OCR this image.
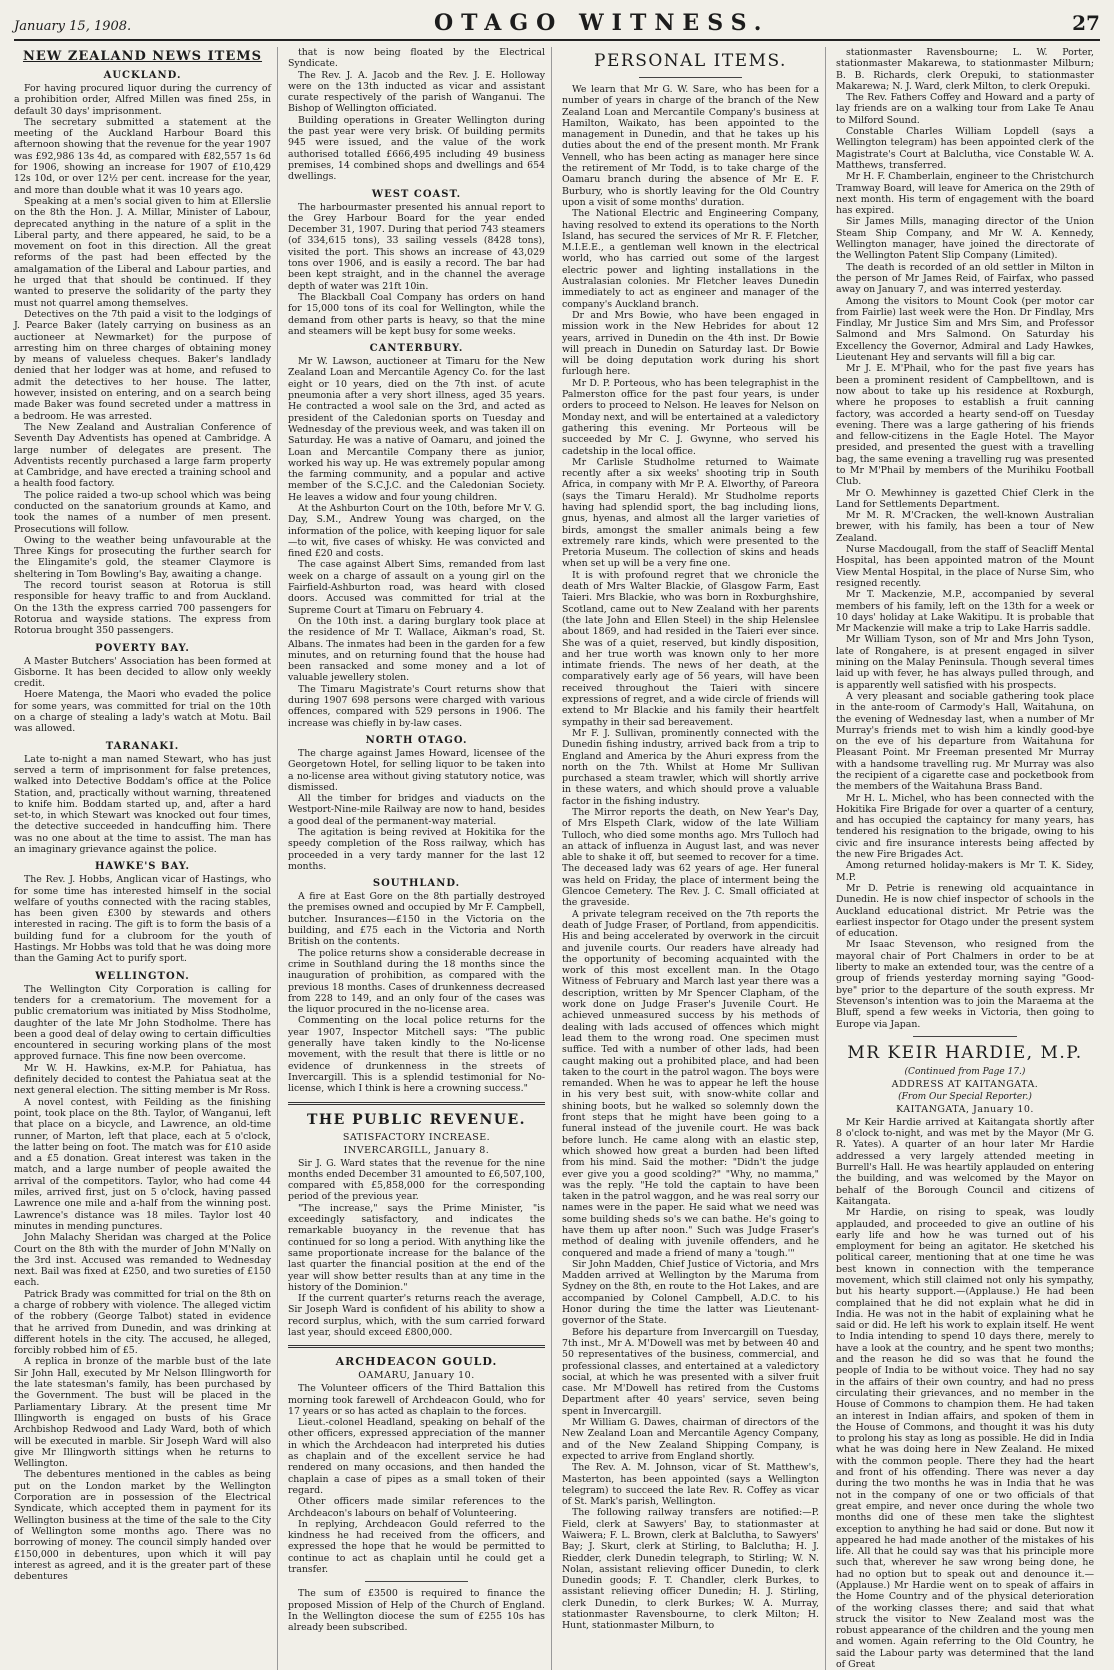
January 15, 1908.	OTAGO WITNESS.	27
NEW ZEALAND NEWS ITEMS
AUCKLAND.

For having procured liquor during the currency of a prohibition order, Alfred Millen was fined 25s, in default 30 days' imprisonment.

The secretary submitted a statement at the meeting of the Auckland Harbour Board this afternoon showing that the revenue for the year 1907 was £92,986 13s 4d, as compared with £82,557 1s 6d for 1906, showing an increase for 1907 of £10,429 12s 10d, or over 12½ per cent. increase for the year, and more than double what it was 10 years ago.

Speaking at a men's social given to him at Ellerslie on the 8th the Hon. J. A. Millar, Minister of Labour, deprecated anything in the nature of a split in the Liberal party, and there appeared, he said, to be a movement on foot in this direction. All the great reforms of the past had been effected by the amalgamation of the Liberal and Labour parties, and he urged that that should be continued. If they wanted to preserve the solidarity of the party they must not quarrel among themselves.

Detectives on the 7th paid a visit to the lodgings of J. Pearce Baker (lately carrying on business as an auctioneer at Newmarket) for the purpose of arresting him on three charges of obtaining money by means of valueless cheques. Baker's landlady denied that her lodger was at home, and refused to admit the detectives to her house. The latter, however, insisted on entering, and on a search being made Baker was found secreted under a mattress in a bedroom. He was arrested.

The New Zealand and Australian Conference of Seventh Day Adventists has opened at Cambridge. A large number of delegates are present. The Adventists recently purchased a large farm property at Cambridge, and have erected a training school and a health food factory.

The police raided a two-up school which was being conducted on the sanatorium grounds at Kamo, and took the names of a number of men present. Prosecutions will follow.

Owing to the weather being unfavourable at the Three Kings for prosecuting the further search for the Elingamite's gold, the steamer Claymore is sheltering in Tom Bowling's Bay, awaiting a change.

The record tourist season at Rotorua is still responsible for heavy traffic to and from Auckland. On the 13th the express carried 700 passengers for Rotorua and wayside stations. The express from Rotorua brought 350 passengers.

POVERTY BAY.

A Master Butchers' Association has been formed at Gisborne. It has been decided to allow only weekly credit.

Hoere Matenga, the Maori who evaded the police for some years, was committed for trial on the 10th on a charge of stealing a lady's watch at Motu. Bail was allowed.

TARANAKI.

Late to-night a man named Stewart, who has just served a term of imprisonment for false pretences, walked into Detective Boddam's office at the Police Station, and, practically without warning, threatened to knife him. Boddam started up, and, after a hard set-to, in which Stewart was knocked out four times, the detective succeeded in handcuffing him. There was no one about at the time to assist. The man has an imaginary grievance against the police.

HAWKE'S BAY.

The Rev. J. Hobbs, Anglican vicar of Hastings, who for some time has interested himself in the social welfare of youths connected with the racing stables, has been given £300 by stewards and others interested in racing. The gift is to form the basis of a building fund for a clubroom for the youth of Hastings. Mr Hobbs was told that he was doing more than the Gaming Act to purify sport.

WELLINGTON.

The Wellington City Corporation is calling for tenders for a crematorium. The movement for a public crematorium was initiated by Miss Stodholme, daughter of the late Mr John Stodholme. There has been a good deal of delay owing to certain difficulties encountered in securing working plans of the most approved furnace. This fine now been overcome.

Mr W. H. Hawkins, ex-M.P. for Pahiatua, has definitely decided to contest the Pahiatua seat at the next general election. The sitting member is Mr Ross.

A novel contest, with Feilding as the finishing point, took place on the 8th. Taylor, of Wanganui, left that place on a bicycle, and Lawrence, an old-time runner, of Marton, left that place, each at 5 o'clock, the latter being on foot. The match was for £10 aside and a £5 donation. Great interest was taken in the match, and a large number of people awaited the arrival of the competitors. Taylor, who had come 44 miles, arrived first, just on 5 o'clock, having passed Lawrence one mile and a-half from the winning post. Lawrence's distance was 18 miles. Taylor lost 40 minutes in mending punctures.

John Malachy Sheridan was charged at the Police Court on the 8th with the murder of John M'Nally on the 3rd inst. Accused was remanded to Wednesday next. Bail was fixed at £250, and two sureties of £150 each.

Patrick Brady was committed for trial on the 8th on a charge of robbery with violence. The alleged victim of the robbery (George Talbot) stated in evidence that he arrived from Dunedin, and was drinking at different hotels in the city. The accused, he alleged, forcibly robbed him of £5.

A replica in bronze of the marble bust of the late Sir John Hall, executed by Mr Nelson Illingworth for the late statesman's family, has been purchased by the Government. The bust will be placed in the Parliamentary Library. At the present time Mr Illingworth is engaged on busts of his Grace Archbishop Redwood and Lady Ward, both of which will be executed in marble. Sir Joseph Ward will also give Mr Illingworth sittings when he returns to Wellington.

The debentures mentioned in the cables as being put on the London market by the Wellington Corporation are in possession of the Electrical Syndicate, which accepted them in payment for its Wellington business at the time of the sale to the City of Wellington some months ago. There was no borrowing of money. The council simply handed over £150,000 in debentures, upon which it will pay interest as agreed, and it is the greater part of these debentures

that is now being floated by the Electrical Syndicate.

The Rev. J. A. Jacob and the Rev. J. E. Holloway were on the 13th inducted as vicar and assistant curate respectively of the parish of Wanganui. The Bishop of Wellington officiated.

Building operations in Greater Wellington during the past year were very brisk. Of building permits 945 were issued, and the value of the work authorised totalled £666,495 including 49 business premises, 14 combined shops and dwellings and 654 dwellings.

WEST COAST.

The harbourmaster presented his annual report to the Grey Harbour Board for the year ended December 31, 1907. During that period 743 steamers (of 334,615 tons), 33 sailing vessels (8428 tons), visited the port. This shows an increase of 43,029 tons over 1906, and is easily a record. The bar had been kept straight, and in the channel the average depth of water was 21ft 10in.

The Blackball Coal Company has orders on hand for 15,000 tons of its coal for Wellington, while the demand from other parts is heavy, so that the mine and steamers will be kept busy for some weeks.

CANTERBURY.

Mr W. Lawson, auctioneer at Timaru for the New Zealand Loan and Mercantile Agency Co. for the last eight or 10 years, died on the 7th inst. of acute pneumonia after a very short illness, aged 35 years. He contracted a wool sale on the 3rd, and acted as president of the Caledonian sports on Tuesday and Wednesday of the previous week, and was taken ill on Saturday. He was a native of Oamaru, and joined the Loan and Mercantile Company there as junior, worked his way up. He was extremely popular among the farming community, and a popular and active member of the S.C.J.C. and the Caledonian Society. He leaves a widow and four young children.

At the Ashburton Court on the 10th, before Mr V. G. Day, S.M., Andrew Young was charged, on the information of the police, with keeping liquor for sale—to wit, five cases of whisky. He was convicted and fined £20 and costs.

The case against Albert Sims, remanded from last week on a charge of assault on a young girl on the Fairfield-Ashburton road, was heard with closed doors. Accused was committed for trial at the Supreme Court at Timaru on February 4.

On the 10th inst. a daring burglary took place at the residence of Mr T. Wallace, Aikman's road, St. Albans. The inmates had been in the garden for a few minutes, and on returning found that the house had been ransacked and some money and a lot of valuable jewellery stolen.

The Timaru Magistrate's Court returns show that during 1907 698 persons were charged with various offences, compared with 529 persons in 1906. The increase was chiefly in by-law cases.

NORTH OTAGO.

The charge against James Howard, licensee of the Georgetown Hotel, for selling liquor to be taken into a no-license area without giving statutory notice, was dismissed.

All the timber for bridges and viaducts on the Westport-Nine-mile Railway are now to hand, besides a good deal of the permanent-way material.

The agitation is being revived at Hokitika for the speedy completion of the Ross railway, which has proceeded in a very tardy manner for the last 12 months.

SOUTHLAND.

A fire at East Gore on the 8th partially destroyed the premises owned and occupied by Mr F. Campbell, butcher. Insurances—£150 in the Victoria on the building, and £75 each in the Victoria and North British on the contents.

The police returns show a considerable decrease in crime in Southland during the 18 months since the inauguration of prohibition, as compared with the previous 18 months. Cases of drunkenness decreased from 228 to 149, and an only four of the cases was the liquor procured in the no-license area.

Commenting on the local police returns for the year 1907, Inspector Mitchell says: "The public generally have taken kindly to the No-license movement, with the result that there is little or no evidence of drunkenness in the streets of Invercargill. This is a splendid testimonial for No-license, which I think is here a crowning success."

THE PUBLIC REVENUE.
SATISFACTORY INCREASE.
INVERCARGILL, January 8.

Sir J. G. Ward states that the revenue for the nine months ended December 31 amounted to £6,507,100, compared with £5,858,000 for the corresponding period of the previous year.

"The increase," says the Prime Minister, "is exceedingly satisfactory, and indicates the remarkable buoyancy in the revenue that has continued for so long a period. With anything like the same proportionate increase for the balance of the last quarter the financial position at the end of the year will show better results than at any time in the history of the Dominion."

If the current quarter's returns reach the average, Sir Joseph Ward is confident of his ability to show a record surplus, which, with the sum carried forward last year, should exceed £800,000.

ARCHDEACON GOULD.
OAMARU, January 10.

The Volunteer officers of the Third Battalion this morning took farewell of Archdeacon Gould, who for 17 years or so has acted as chaplain to the forces.

Lieut.-colonel Headland, speaking on behalf of the other officers, expressed appreciation of the manner in which the Archdeacon had interpreted his duties as chaplain and of the excellent service he had rendered on many occasions, and then handed the chaplain a case of pipes as a small token of their regard.

Other officers made similar references to the Archdeacon's labours on behalf of Volunteering.

In replying, Archdeacon Gould referred to the kindness he had received from the officers, and expressed the hope that he would be permitted to continue to act as chaplain until he could get a transfer.

The sum of £3500 is required to finance the proposed Mission of Help of the Church of England. In the Wellington diocese the sum of £255 10s has already been subscribed.

PERSONAL ITEMS.

We learn that Mr G. W. Sare, who has been for a number of years in charge of the branch of the New Zealand Loan and Mercantile Company's business at Hamilton, Waikato, has been appointed to the management in Dunedin, and that he takes up his duties about the end of the present month. Mr Frank Vennell, who has been acting as manager here since the retirement of Mr Todd, is to take charge of the Oamaru branch during the absence of Mr E. F. Burbury, who is shortly leaving for the Old Country upon a visit of some months' duration.

The National Electric and Engineering Company, having resolved to extend its operations to the North Island, has secured the services of Mr R. F. Fletcher, M.I.E.E., a gentleman well known in the electrical world, who has carried out some of the largest electric power and lighting installations in the Australasian colonies. Mr Fletcher leaves Dunedin immediately to act as engineer and manager of the company's Auckland branch.

Dr and Mrs Bowie, who have been engaged in mission work in the New Hebrides for about 12 years, arrived in Dunedin on the 4th inst. Dr Bowie will preach in Dunedin on Saturday last. Dr Bowie will be doing deputation work during his short furlough here.

Mr D. P. Porteous, who has been telegraphist in the Palmerston office for the past four years, is under orders to proceed to Nelson. He leaves for Nelson on Monday next, and will be entertained at a valedictory gathering this evening. Mr Porteous will be succeeded by Mr C. J. Gwynne, who served his cadetship in the local office.

Mr Carlisle Studholme returned to Waimate recently after a six weeks' shooting trip in South Africa, in company with Mr P. A. Elworthy, of Pareora (says the Timaru Herald). Mr Studholme reports having had splendid sport, the bag including lions, gnus, hyenas, and almost all the larger varieties of birds, amongst the smaller animals being a few extremely rare kinds, which were presented to the Pretoria Museum. The collection of skins and heads when set up will be a very fine one.

It is with profound regret that we chronicle the death of Mrs Walter Blackie, of Glasgow Farm, East Taieri. Mrs Blackie, who was born in Roxburghshire, Scotland, came out to New Zealand with her parents (the late John and Ellen Steel) in the ship Helenslee about 1869, and had resided in the Taieri ever since. She was of a quiet, reserved, but kindly disposition, and her true worth was known only to her more intimate friends. The news of her death, at the comparatively early age of 56 years, will have been received throughout the Taieri with sincere expressions of regret, and a wide circle of friends will extend to Mr Blackie and his family their heartfelt sympathy in their sad bereavement.

Mr F. J. Sullivan, prominently connected with the Dunedin fishing industry, arrived back from a trip to England and America by the Ahuri express from the north on the 7th. Whilst at Home Mr Sullivan purchased a steam trawler, which will shortly arrive in these waters, and which should prove a valuable factor in the fishing industry.

The Mirror reports the death, on New Year's Day, of Mrs Elspeth Clark, widow of the late William Tulloch, who died some months ago. Mrs Tulloch had an attack of influenza in August last, and was never able to shake it off, but seemed to recover for a time. The deceased lady was 62 years of age. Her funeral was held on Friday, the place of interment being the Glencoe Cemetery. The Rev. J. C. Small officiated at the graveside.

A private telegram received on the 7th reports the death of Judge Fraser, of Portland, from appendicitis. His and being accelerated by overwork in the circuit and juvenile courts. Our readers have already had the opportunity of becoming acquainted with the work of this most excellent man. In the Otago Witness of February and March last year there was a description, written by Mr Spencer Clapham, of the work done on Judge Fraser's Juvenile Court. He achieved unmeasured success by his methods of dealing with lads accused of offences which might lead them to the wrong road. One specimen must suffice. Ted with a number of other lads, had been caught making out a prohibited place, and had been taken to the court in the patrol wagon. The boys were remanded. When he was to appear he left the house in his very best suit, with snow-white collar and shining boots, but he walked so solemnly down the front steps that he might have been going to a funeral instead of the juvenile court. He was back before lunch. He came along with an elastic step, which showed how great a burden had been lifted from his mind. Said the mother: "Didn't the judge ever give you a good scolding?" "Why, no mamma," was the reply. "He told the captain to have been taken in the patrol waggon, and he was real sorry our names were in the paper. He said what we need was some building sheds so's we can bathe. He's going to have them up after noon." Such was Judge Fraser's method of dealing with juvenile offenders, and he conquered and made a friend of many a 'tough.'"

Sir John Madden, Chief Justice of Victoria, and Mrs Madden arrived at Wellington by the Maruma from Sydney on the 8th, en route to the Hot Lakes, and are accompanied by Colonel Campbell, A.D.C. to his Honor during the time the latter was Lieutenant-governor of the State.

Before his departure from Invercargill on Tuesday, 7th inst., Mr A. M'Dowell was met by between 40 and 50 representatives of the business, commercial, and professional classes, and entertained at a valedictory social, at which he was presented with a silver fruit case. Mr M'Dowell has retired from the Customs Department after 40 years' service, seven being spent in Invercargill.

Mr William G. Dawes, chairman of directors of the New Zealand Loan and Mercantile Agency Company, and of the New Zealand Shipping Company, is expected to arrive from England shortly.

The Rev. A. M. Johnson, vicar of St. Matthew's, Masterton, has been appointed (says a Wellington telegram) to succeed the late Rev. R. Coffey as vicar of St. Mark's parish, Wellington.

The following railway transfers are notified:—P. Field, clerk at Sawyers' Bay, to stationmaster at Waiwera; F. L. Brown, clerk at Balclutha, to Sawyers' Bay; J. Skurt, clerk at Stirling, to Balclutha; H. J. Riedder, clerk Dunedin telegraph, to Stirling; W. N. Nolan, assistant relieving officer Dunedin, to clerk Dunedin goods; F. T. Chandler, clerk Burkes, to assistant relieving officer Dunedin; H. J. Stirling, clerk Dunedin, to clerk Burkes; W. A. Murray, stationmaster Ravensbourne, to clerk Milton; H. Hunt, stationmaster Milburn, to

stationmaster Ravensbourne; L. W. Porter, stationmaster Makarewa, to stationmaster Milburn; B. B. Richards, clerk Orepuki, to stationmaster Makarewa; N. J. Ward, clerk Milton, to clerk Orepuki.

The Rev. Fathers Coffey and Howard and a party of lay friends are on a walking tour from Lake Te Anau to Milford Sound.

Constable Charles William Lopdell (says a Wellington telegram) has been appointed clerk of the Magistrate's Court at Balclutha, vice Constable W. A. Matthews, transferred.

Mr H. F. Chamberlain, engineer to the Christchurch Tramway Board, will leave for America on the 29th of next month. His term of engagement with the board has expired.

Sir James Mills, managing director of the Union Steam Ship Company, and Mr W. A. Kennedy, Wellington manager, have joined the directorate of the Wellington Patent Slip Company (Limited).

The death is recorded of an old settler in Milton in the person of Mr James Reid, of Fairfax, who passed away on January 7, and was interred yesterday.

Among the visitors to Mount Cook (per motor car from Fairlie) last week were the Hon. Dr Findlay, Mrs Findlay, Mr Justice Sim and Mrs Sim, and Professor Salmond and Mrs Salmond. On Saturday his Excellency the Governor, Admiral and Lady Hawkes, Lieutenant Hey and servants will fill a big car.

Mr J. E. M'Phail, who for the past five years has been a prominent resident of Campbelltown, and is now about to take up his residence at Roxburgh, where he proposes to establish a fruit canning factory, was accorded a hearty send-off on Tuesday evening. There was a large gathering of his friends and fellow-citizens in the Eagle Hotel. The Mayor presided, and presented the guest with a travelling bag, the same evening a travelling rug was presented to Mr M'Phail by members of the Murihiku Football Club.

Mr O. Mewhinney is gazetted Chief Clerk in the Land for Settlements Department.

Mr M. R. M'Cracken, the well-known Australian brewer, with his family, has been a tour of New Zealand.

Nurse Macdougall, from the staff of Seacliff Mental Hospital, has been appointed matron of the Mount View Mental Hospital, in the place of Nurse Sim, who resigned recently.

Mr T. Mackenzie, M.P., accompanied by several members of his family, left on the 13th for a week or 10 days' holiday at Lake Wakitipu. It is probable that Mr Mackenzie will make a trip to Lake Harris saddle.

Mr William Tyson, son of Mr and Mrs John Tyson, late of Rongahere, is at present engaged in silver mining on the Malay Peninsula. Though several times laid up with fever, he has always pulled through, and is apparently well satisfied with his prospects.

A very pleasant and sociable gathering took place in the ante-room of Carmody's Hall, Waitahuna, on the evening of Wednesday last, when a number of Mr Murray's friends met to wish him a kindly good-bye on the eve of his departure from Waitahuna for Pleasant Point. Mr Freeman presented Mr Murray with a handsome travelling rug. Mr Murray was also the recipient of a cigarette case and pocketbook from the members of the Waitahuna Brass Band.

Mr H. L. Michel, who has been connected with the Hokitika Fire Brigade for over a quarter of a century, and has occupied the captaincy for many years, has tendered his resignation to the brigade, owing to his civic and fire insurance interests being affected by the new Fire Brigades Act.

Among returned holiday-makers is Mr T. K. Sidey, M.P.

Mr D. Petrie is renewing old acquaintance in Dunedin. He is now chief inspector of schools in the Auckland educational district. Mr Petrie was the earliest inspector for Otago under the present system of education.

Mr Isaac Stevenson, who resigned from the mayoral chair of Port Chalmers in order to be at liberty to make an extended tour, was the centre of a group of friends yesterday morning saying "Good-bye" prior to the departure of the south express. Mr Stevenson's intention was to join the Maraema at the Bluff, spend a few weeks in Victoria, then going to Europe via Japan.

MR KEIR HARDIE, M.P.
(Continued from Page 17.)
ADDRESS AT KAITANGATA.
(From Our Special Reporter.)
KAITANGATA, January 10.

Mr Keir Hardie arrived at Kaitangata shortly after 8 o'clock to-night, and was met by the Mayor (Mr G. R. Yates). A quarter of an hour later Mr Hardie addressed a very largely attended meeting in Burrell's Hall. He was heartily applauded on entering the building, and was welcomed by the Mayor on behalf of the Borough Council and citizens of Kaitangata.

Mr Hardie, on rising to speak, was loudly applauded, and proceeded to give an outline of his early life and how he was turned out of his employment for being an agitator. He sketched his political career, mentioning that at one time he was best known in connection with the temperance movement, which still claimed not only his sympathy, but his hearty support.—(Applause.) He had been complained that he did not explain what he did in India. He was not in the habit of explaining what he said or did. He left his work to explain itself. He went to India intending to spend 10 days there, merely to have a look at the country, and he spent two months; and the reason he did so was that he found the people of India to be without voice. They had no say in the affairs of their own country, and had no press circulating their grievances, and no member in the House of Commons to champion them. He had taken an interest in Indian affairs, and spoken of them in the House of Commons, and thought it was his duty to prolong his stay as long as possible. He did in India what he was doing here in New Zealand. He mixed with the common people. There they had the heart and front of his offending. There was never a day during the two months he was in India that he was not in the company of one or two officials of that great empire, and never once during the whole two months did one of these men take the slightest exception to anything he had said or done. But now it appeared he had made another of the mistakes of his life. All that he could say was that his principle more such that, wherever he saw wrong being done, he had no option but to speak out and denounce it.—(Applause.) Mr Hardie went on to speak of affairs in the Home Country and of the physical deterioration of the working classes there; and said that what struck the visitor to New Zealand most was the robust appearance of the children and the young men and women. Again referring to the Old Country, he said the Labour party was determined that the land of Great
